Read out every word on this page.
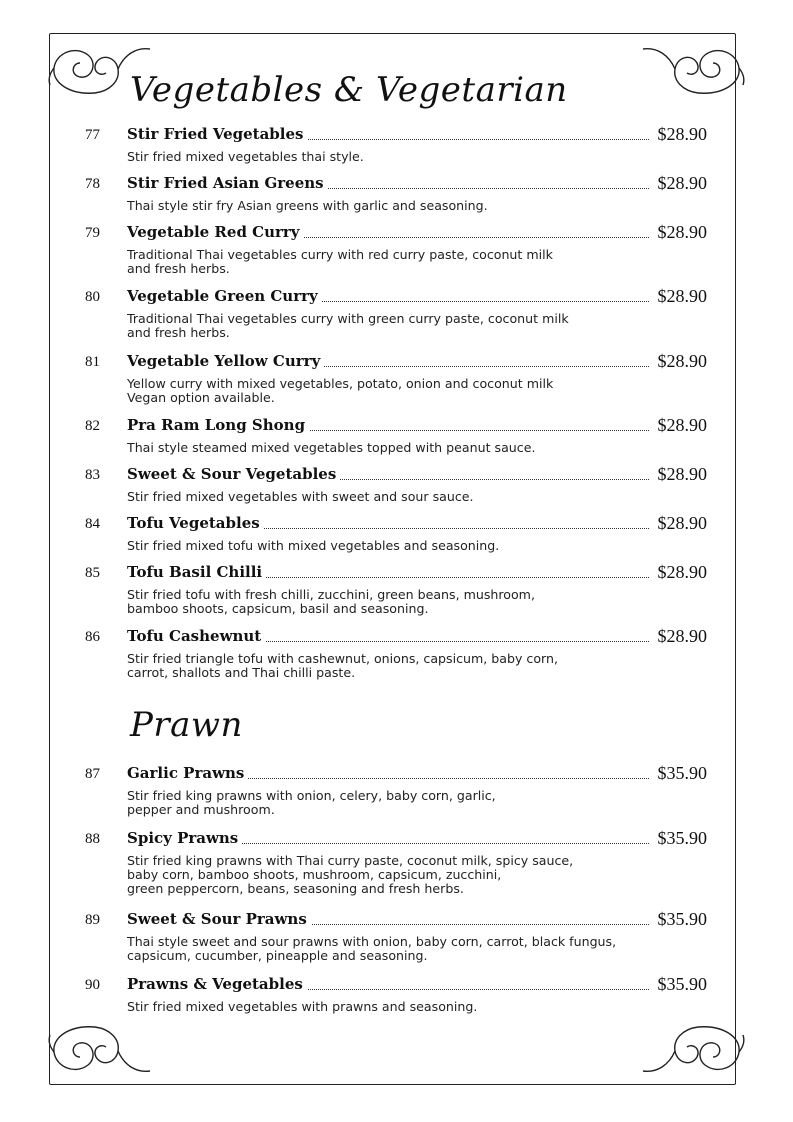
Vegetables & Vegetarian
77	Stir Fried Vegetables	$28.90
Stir fried mixed vegetables thai style.
78	Stir Fried Asian Greens	$28.90
Thai style stir fry Asian greens with garlic and seasoning.
79	Vegetable Red Curry	$28.90
Traditional Thai vegetables curry with red curry paste, coconut milk
and fresh herbs.
80	Vegetable Green Curry	$28.90
Traditional Thai vegetables curry with green curry paste, coconut milk
and fresh herbs.
81	Vegetable Yellow Curry	$28.90
Yellow curry with mixed vegetables, potato, onion and coconut milk
Vegan option available.
82	Pra Ram Long Shong	$28.90
Thai style steamed mixed vegetables topped with peanut sauce.
83	Sweet & Sour Vegetables	$28.90
Stir fried mixed vegetables with sweet and sour sauce.
84	Tofu Vegetables	$28.90
Stir fried mixed tofu with mixed vegetables and seasoning.
85	Tofu Basil Chilli	$28.90
Stir fried tofu with fresh chilli, zucchini, green beans, mushroom,
bamboo shoots, capsicum, basil and seasoning.
86	Tofu Cashewnut	$28.90
Stir fried triangle tofu with cashewnut, onions, capsicum, baby corn,
carrot, shallots and Thai chilli paste.
Prawn
87	Garlic Prawns	$35.90
Stir fried king prawns with onion, celery, baby corn, garlic,
pepper and mushroom.
88	Spicy Prawns	$35.90
Stir fried king prawns with Thai curry paste, coconut milk, spicy sauce,
baby corn, bamboo shoots, mushroom, capsicum, zucchini,
green peppercorn, beans, seasoning and fresh herbs.
89	Sweet & Sour Prawns	$35.90
Thai style sweet and sour prawns with onion, baby corn, carrot, black fungus,
capsicum, cucumber, pineapple and seasoning.
90	Prawns & Vegetables	$35.90
Stir fried mixed vegetables with prawns and seasoning.
